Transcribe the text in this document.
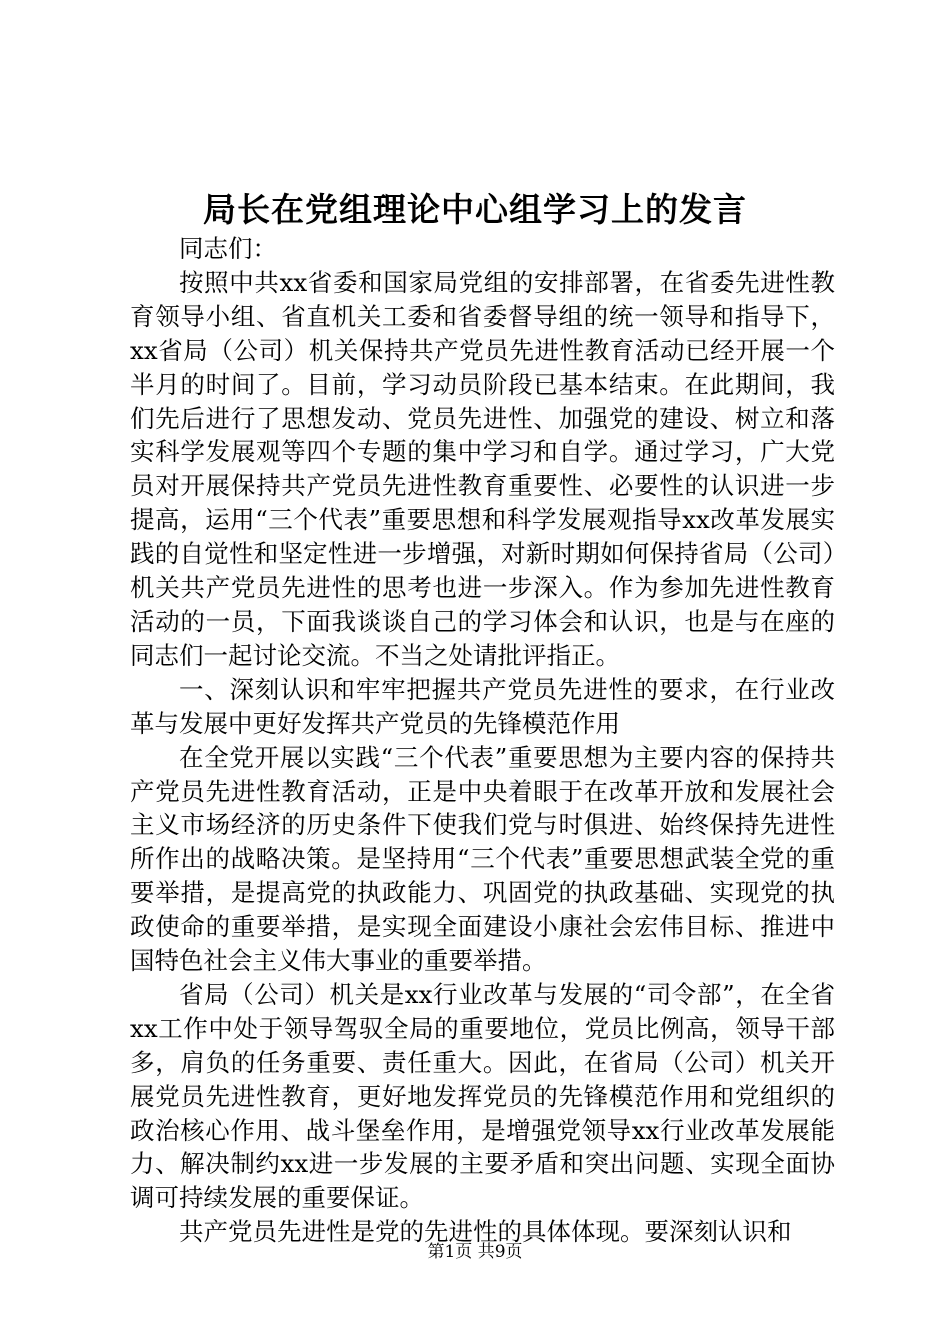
局长在党组理论中心组学习上的发言

同志们：

按照中共xx省委和国家局党组的安排部署，在省委先进性教育领导小组、省直机关工委和省委督导组的统一领导和指导下，xx省局（公司）机关保持共产党员先进性教育活动已经开展一个半月的时间了。目前，学习动员阶段已基本结束。在此期间，我们先后进行了思想发动、党员先进性、加强党的建设、树立和落实科学发展观等四个专题的集中学习和自学。通过学习，广大党员对开展保持共产党员先进性教育重要性、必要性的认识进一步提高，运用“三个代表”重要思想和科学发展观指导xx改革发展实践的自觉性和坚定性进一步增强，对新时期如何保持省局（公司）机关共产党员先进性的思考也进一步深入。作为参加先进性教育活动的一员，下面我谈谈自己的学习体会和认识，也是与在座的同志们一起讨论交流。不当之处请批评指正。

一、深刻认识和牢牢把握共产党员先进性的要求，在行业改革与发展中更好发挥共产党员的先锋模范作用

在全党开展以实践“三个代表”重要思想为主要内容的保持共产党员先进性教育活动，正是中央着眼于在改革开放和发展社会主义市场经济的历史条件下使我们党与时俱进、始终保持先进性所作出的战略决策。是坚持用“三个代表”重要思想武装全党的重要举措，是提高党的执政能力、巩固党的执政基础、实现党的执政使命的重要举措，是实现全面建设小康社会宏伟目标、推进中国特色社会主义伟大事业的重要举措。

省局（公司）机关是xx行业改革与发展的“司令部”，在全省xx工作中处于领导驾驭全局的重要地位，党员比例高，领导干部多，肩负的任务重要、责任重大。因此，在省局（公司）机关开展党员先进性教育，更好地发挥党员的先锋模范作用和党组织的政治核心作用、战斗堡垒作用，是增强党领导xx行业改革发展能力、解决制约xx进一步发展的主要矛盾和突出问题、实现全面协调可持续发展的重要保证。

共产党员先进性是党的先进性的具体体现。要深刻认识和

第1页 共9页
